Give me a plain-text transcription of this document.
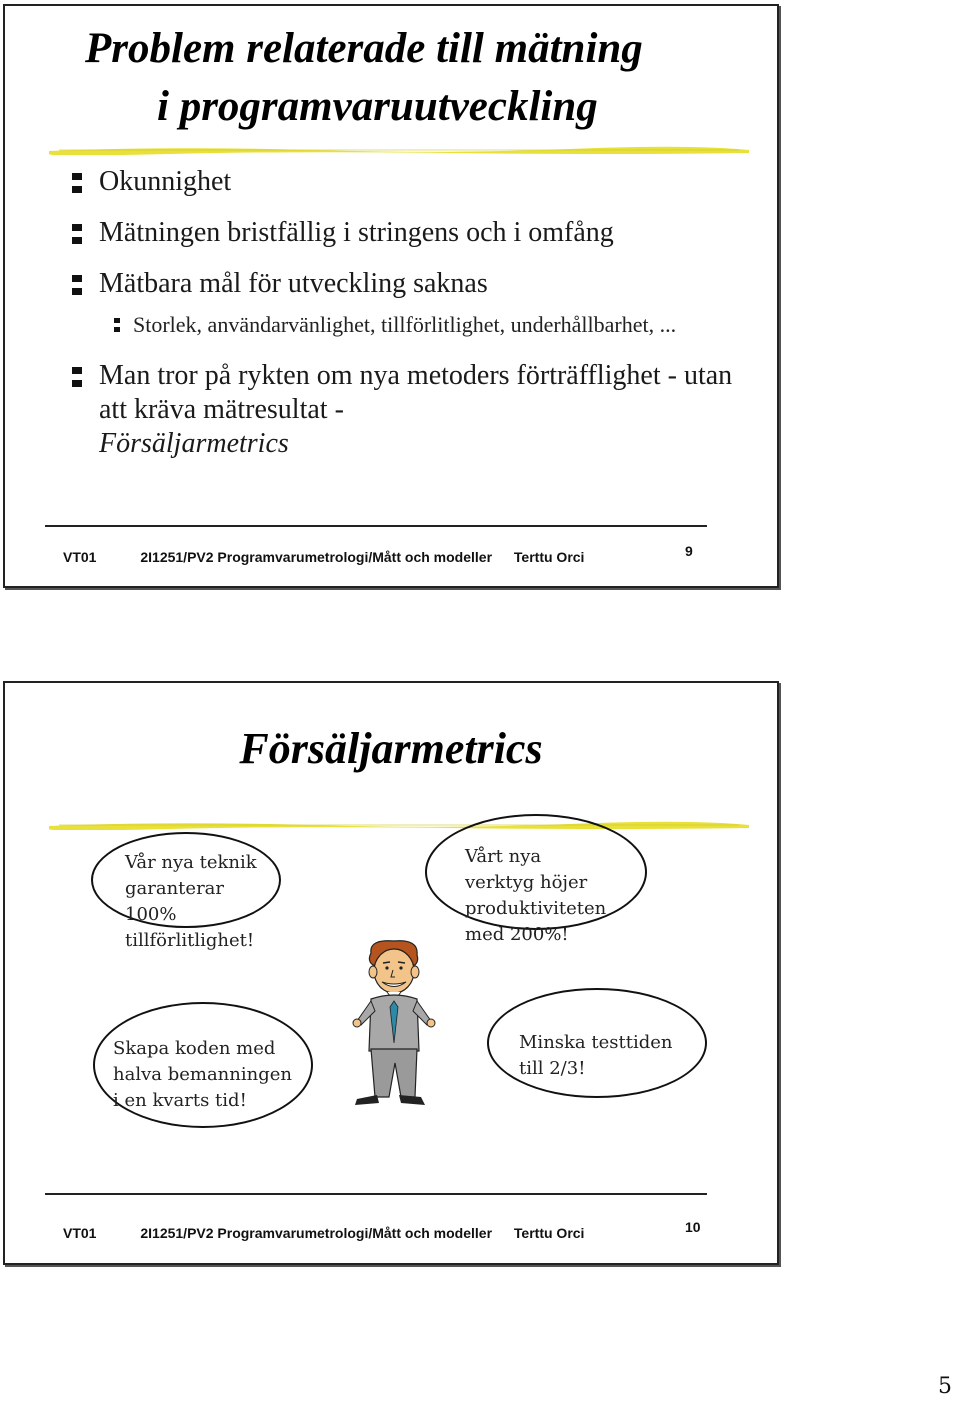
Problem relaterade till mätning
i programvaruutveckling
Okunnighet
Mätningen bristfällig i stringens och i omfång
Mätbara mål för utveckling saknas
Storlek, användarvänlighet, tillförlitlighet, underhållbarhet, ...
Man tror på rykten om nya metoders förträfflighet - utan att kräva mätresultat -
Försäljarmetrics
VT01	2I1251/PV2 Programvarumetrologi/Mått och modeller Terttu Orci	9
Försäljarmetrics
Vår nya teknik
garanterar 100%
tillförlitlighet!
Vårt nya
verktyg höjer
produktiviteten
med 200%!
Skapa koden med
halva bemanningen
i en kvarts tid!
Minska testtiden
till 2/3!
VT01	2I1251/PV2 Programvarumetrologi/Mått och modeller Terttu Orci	10
5
